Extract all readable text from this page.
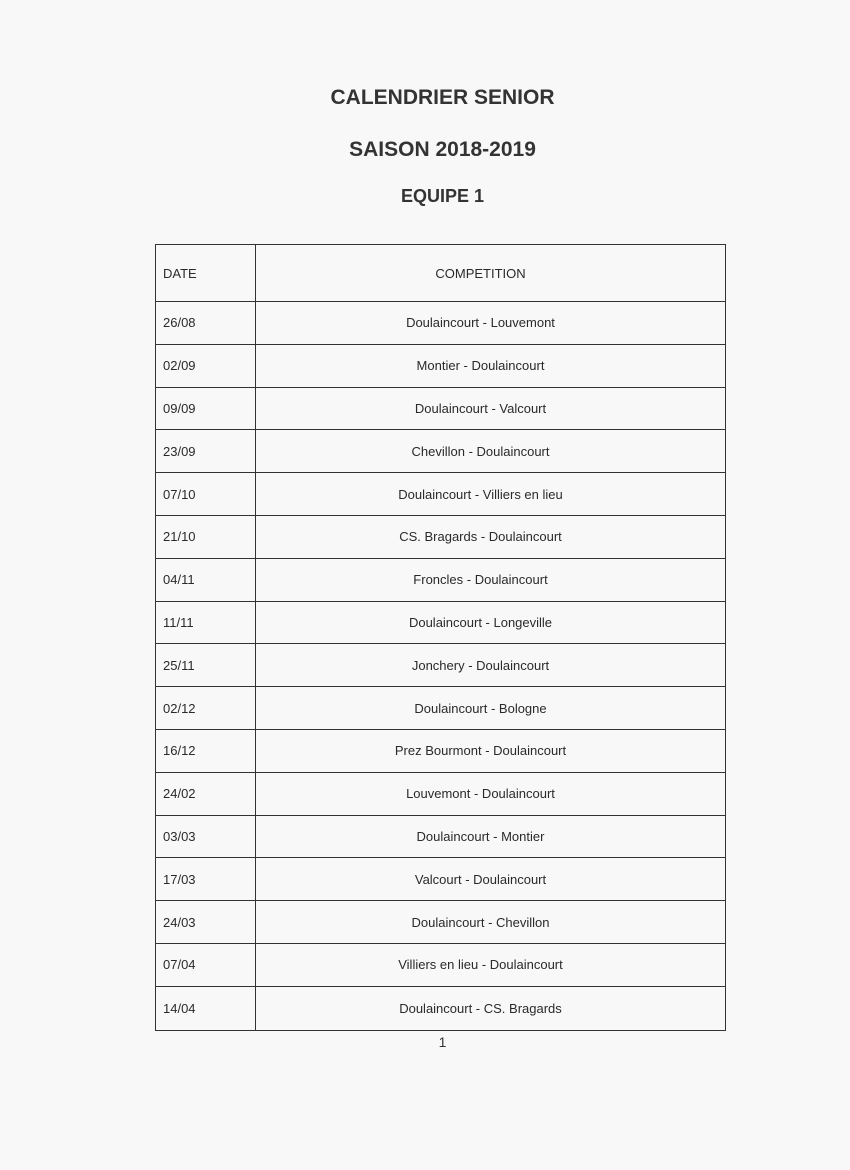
CALENDRIER SENIOR
SAISON 2018-2019
EQUIPE 1
DATE	COMPETITION
26/08	Doulaincourt - Louvemont
02/09	Montier - Doulaincourt
09/09	Doulaincourt - Valcourt
23/09	Chevillon - Doulaincourt
07/10	Doulaincourt - Villiers en lieu
21/10	CS. Bragards - Doulaincourt
04/11	Froncles - Doulaincourt
11/11	Doulaincourt - Longeville
25/11	Jonchery - Doulaincourt
02/12	Doulaincourt - Bologne
16/12	Prez Bourmont - Doulaincourt
24/02	Louvemont - Doulaincourt
03/03	Doulaincourt - Montier
17/03	Valcourt - Doulaincourt
24/03	Doulaincourt - Chevillon
07/04	Villiers en lieu - Doulaincourt
14/04	Doulaincourt - CS. Bragards
1
